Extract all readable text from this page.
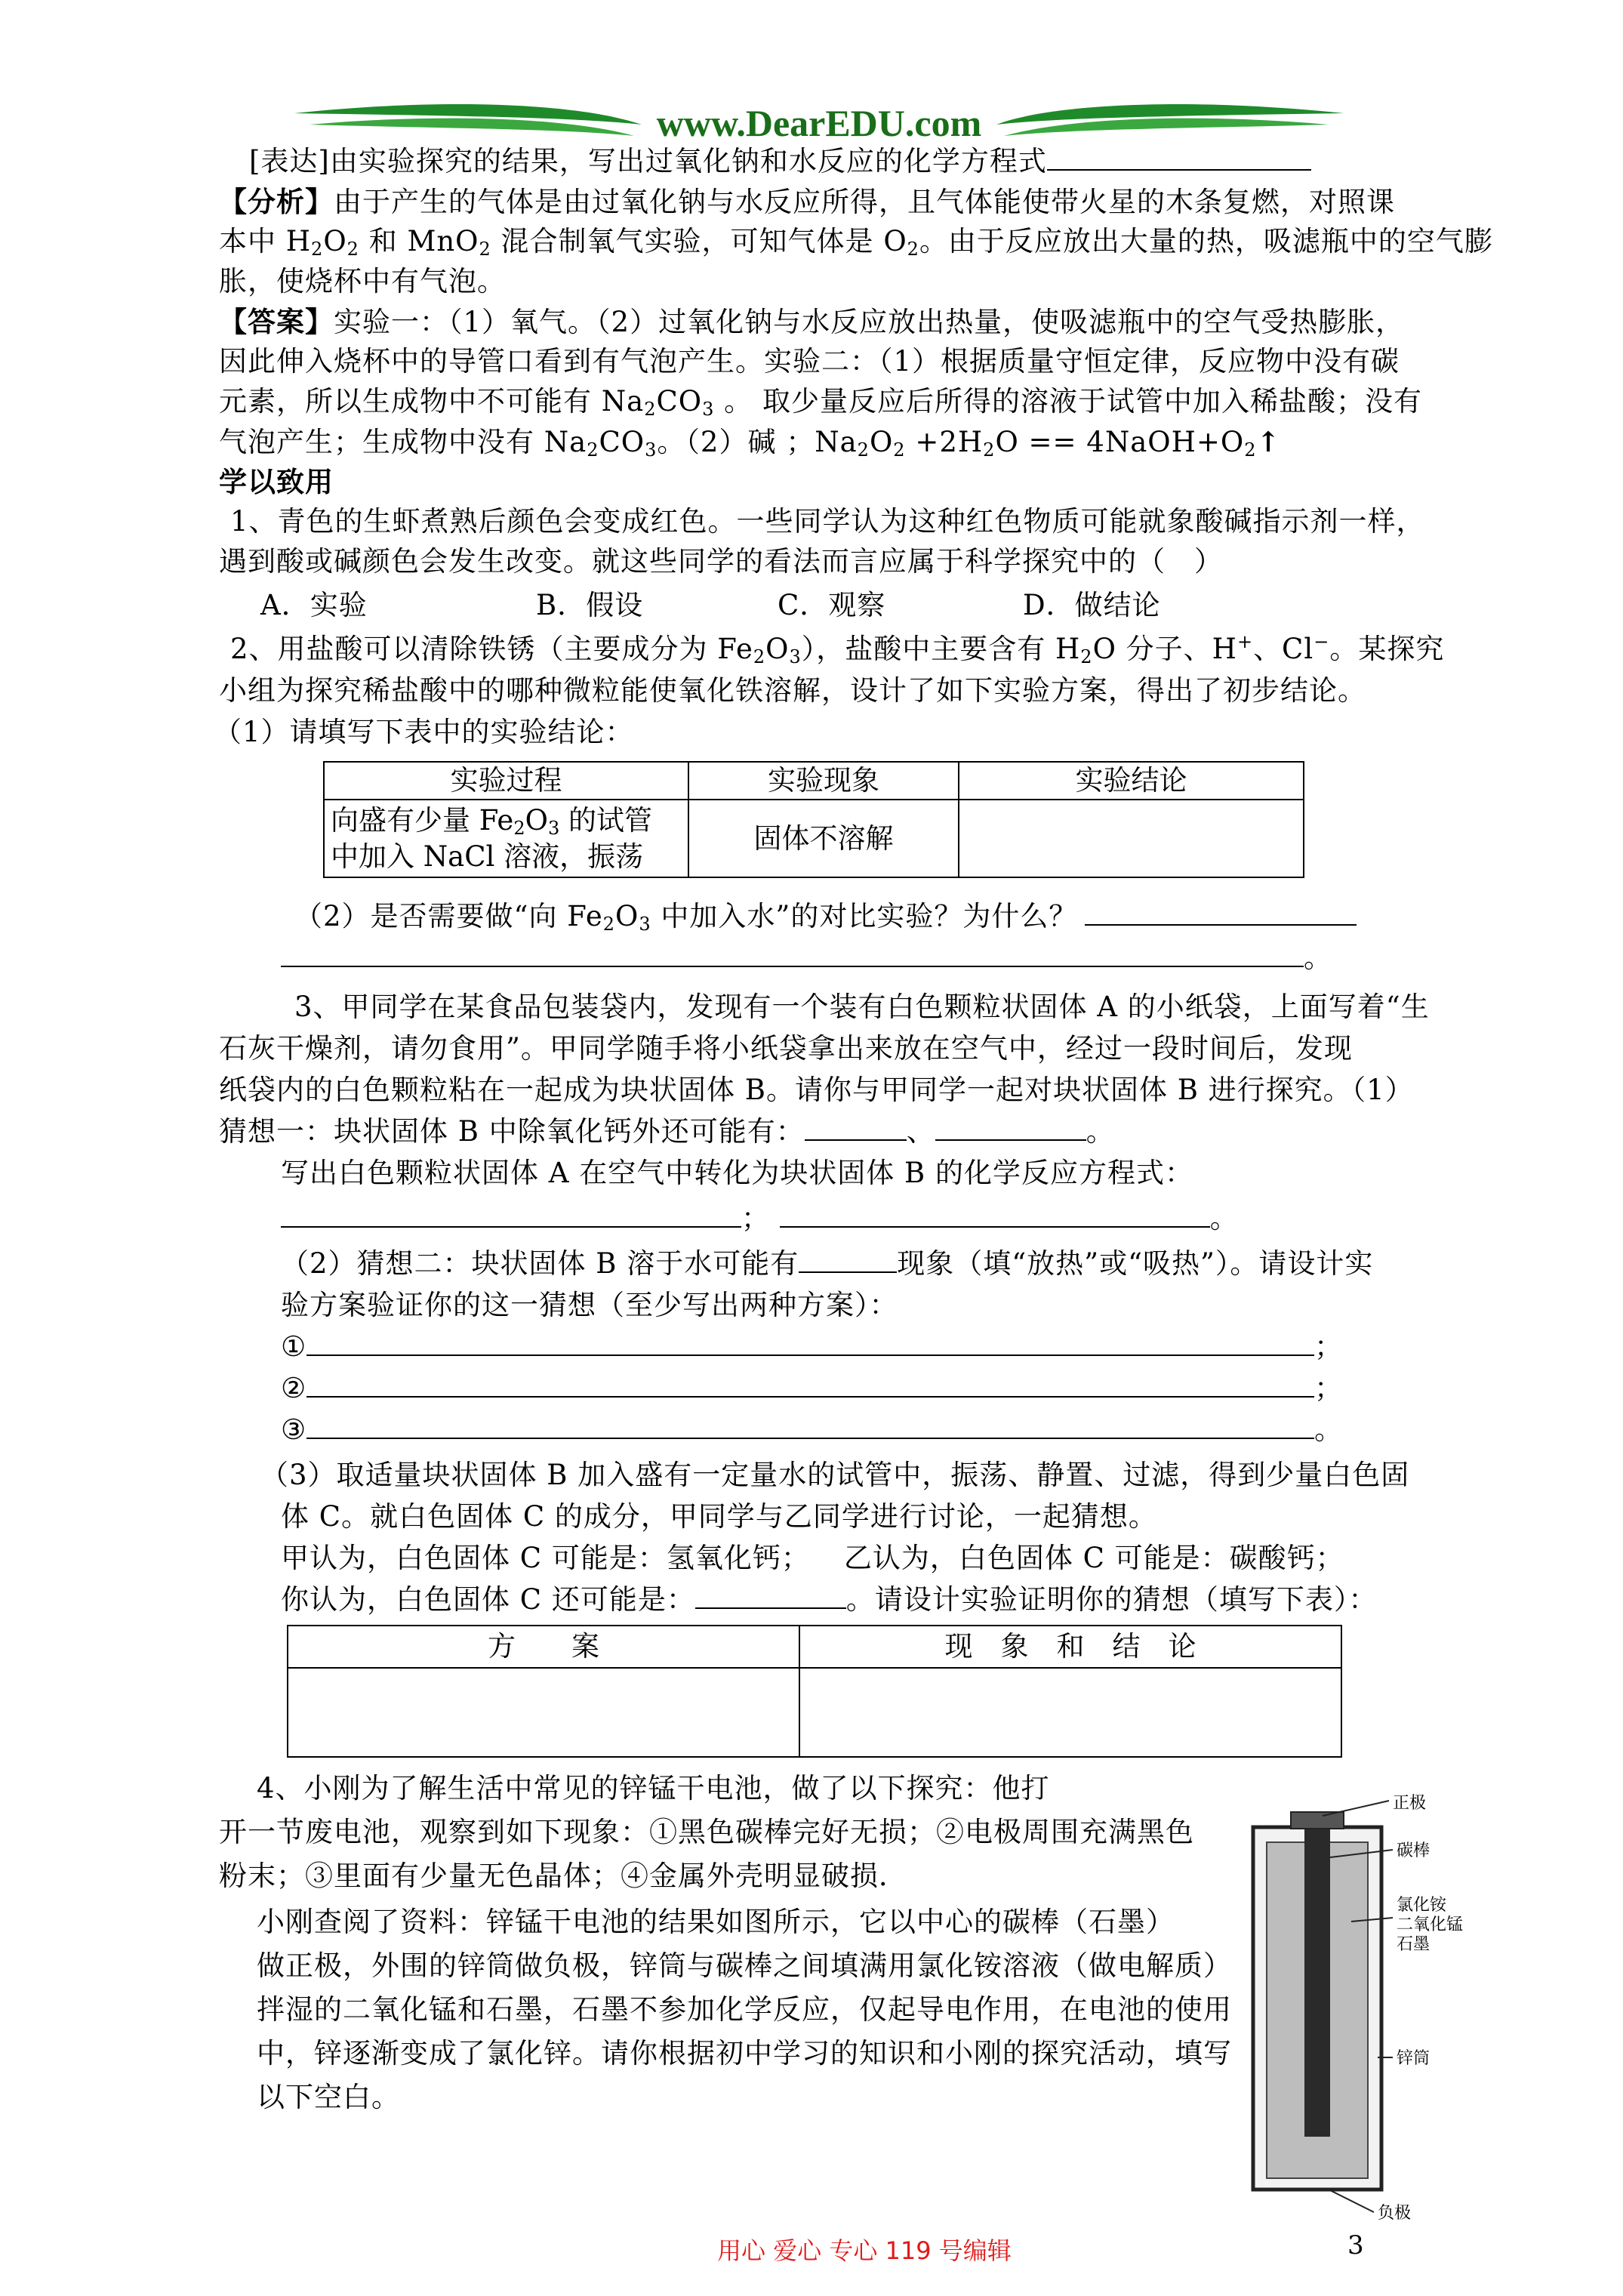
www.DearEDU.com
[表达]由实验探究的结果，写出过氧化钠和水反应的化学方程式
【分析】由于产生的气体是由过氧化钠与水反应所得，且气体能使带火星的木条复燃，对照课
本中 $H_2O_2$ 和 MnO$_2$ 混合制氧气实验，可知气体是 $O_2$。由于反应放出大量的热，吸滤瓶中的空气膨
胀，使烧杯中有气泡。
【答案】实验一：（1）氧气。（2）过氧化钠与水反应放出热量，使吸滤瓶中的空气受热膨胀，
因此伸入烧杯中的导管口看到有气泡产生。实验二：（1）根据质量守恒定律，反应物中没有碳
元素，所以生成物中不可能有 $Na_2CO_3$ 。 取少量反应后所得的溶液于试管中加入稀盐酸；没有
气泡产生；生成物中没有 $Na_2CO_3$。（2）碱 ；$Na_2O_2 +2H_2O$ == $4NaOH+O_2↑$
学以致用
1、青色的生虾煮熟后颜色会变成红色。一些同学认为这种红色物质可能就象酸碱指示剂一样，
遇到酸或碱颜色会发生改变。就这些同学的看法而言应属于科学探究中的（　）
A．实验	B．假设	C．观察	D．做结论
2、用盐酸可以清除铁锈（主要成分为 $Fe_2O_3$），盐酸中主要含有 $H_2O$ 分子、H+、Cl−。某探究
小组为探究稀盐酸中的哪种微粒能使氧化铁溶解，设计了如下实验方案，得出了初步结论。
（1）请填写下表中的实验结论：
实验过程	实验现象	实验结论
向盛有少量 $Fe_2O_3$ 的试管
中加入 NaCl 溶液，振荡	固体不溶解	
（2）是否需要做“向 $Fe_2O_3$ 中加入水”的对比实验？为什么？
。
3、甲同学在某食品包装袋内，发现有一个装有白色颗粒状固体 A 的小纸袋，上面写着“生
石灰干燥剂，请勿食用”。甲同学随手将小纸袋拿出来放在空气中，经过一段时间后，发现
纸袋内的白色颗粒粘在一起成为块状固体 B。请你与甲同学一起对块状固体 B 进行探究。（1）
猜想一：块状固体 B 中除氧化钙外还可能有：	、	。
写出白色颗粒状固体 A 在空气中转化为块状固体 B 的化学反应方程式：
；	。
（2）猜想二：块状固体 B 溶于水可能有	现象（填“放热”或“吸热”）。请设计实
验方案验证你的这一猜想（至少写出两种方案）：
①	；
②	；
③	。
（3）取适量块状固体 B 加入盛有一定量水的试管中，振荡、静置、过滤，得到少量白色固
体 C。就白色固体 C 的成分，甲同学与乙同学进行讨论，一起猜想。
甲认为，白色固体 C 可能是：氢氧化钙； 乙认为，白色固体 C 可能是：碳酸钙；
你认为，白色固体 C 还可能是：	。请设计实验证明你的猜想（填写下表）：
方　　案	现　象　和　结　论

4、小刚为了解生活中常见的锌锰干电池，做了以下探究：他打
开一节废电池，观察到如下现象：①黑色碳棒完好无损；②电极周围充满黑色
粉末；③里面有少量无色晶体；④金属外壳明显破损．
小刚查阅了资料：锌锰干电池的结果如图所示，它以中心的碳棒（石墨）
做正极，外围的锌筒做负极，锌筒与碳棒之间填满用氯化铵溶液（做电解质）
拌湿的二氧化锰和石墨，石墨不参加化学反应，仅起导电作用，在电池的使用
中，锌逐渐变成了氯化锌。请你根据初中学习的知识和小刚的探究活动，填写
以下空白。
正极
碳棒
氯化铵
二氧化锰
石墨
锌筒
负极
用心 爱心 专心 119 号编辑	3
